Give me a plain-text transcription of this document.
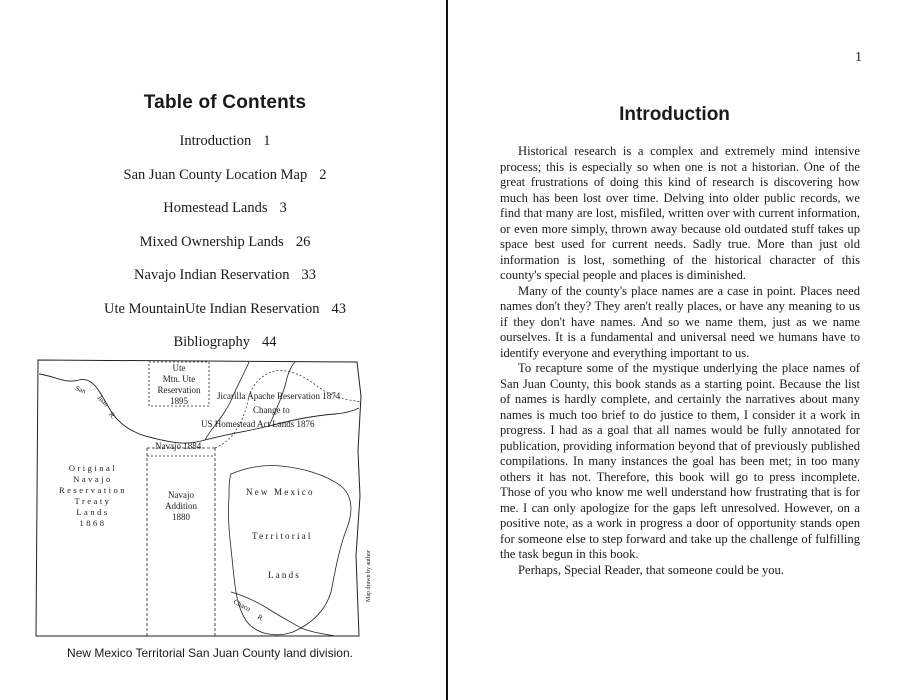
Table of Contents
Introduction 1
San Juan County Location Map 2
Homestead Lands 3
Mixed Ownership Lands 26
Navajo Indian Reservation 33
Ute MountainUte Indian Reservation 43
Bibliography 44
Ute
Mtn. Ute
Reservation
1895	Jicarilla Apache Reservation 1874
Change to
US Homestead Act Lands 1876
Navajo 1884
Original
Navajo
Reservation
Treaty
Lands
1868
Navajo
Addition
1880
New Mexico
Territorial
Lands
San
Juan
R.
Chaco
R.
Map drawn by author
New Mexico Territorial San Juan County land division.
1
Introduction

Historical research is a complex and extremely mind intensive process; this is especially so when one is not a historian. One of the great frustrations of doing this kind of research is discovering how much has been lost over time. Delving into older public records, we find that many are lost, misfiled, written over with current information, or even more simply, thrown away because old outdated stuff takes up space best used for current needs. Sadly true. More than just old information is lost, something of the historical character of this county's special people and places is diminished.

Many of the county's place names are a case in point. Places need names don't they? They aren't really places, or have any meaning to us if they don't have names. And so we name them, just as we name ourselves. It is a fundamental and universal need we humans have to identify everyone and everything important to us.

To recapture some of the mystique underlying the place names of San Juan County, this book stands as a starting point. Because the list of names is hardly complete, and certainly the narratives about many names is much too brief to do justice to them, I consider it a work in progress. I had as a goal that all names would be fully annotated for publication, providing information beyond that of previously published compilations. In many instances the goal has been met; in too many others it has not. Therefore, this book will go to press incomplete. Those of you who know me well understand how frustrating that is for me. I can only apologize for the gaps left unresolved. However, on a positive note, as a work in progress a door of opportunity stands open for someone else to step forward and take up the challenge of fulfilling the task begun in this book.

Perhaps, Special Reader, that someone could be you.
